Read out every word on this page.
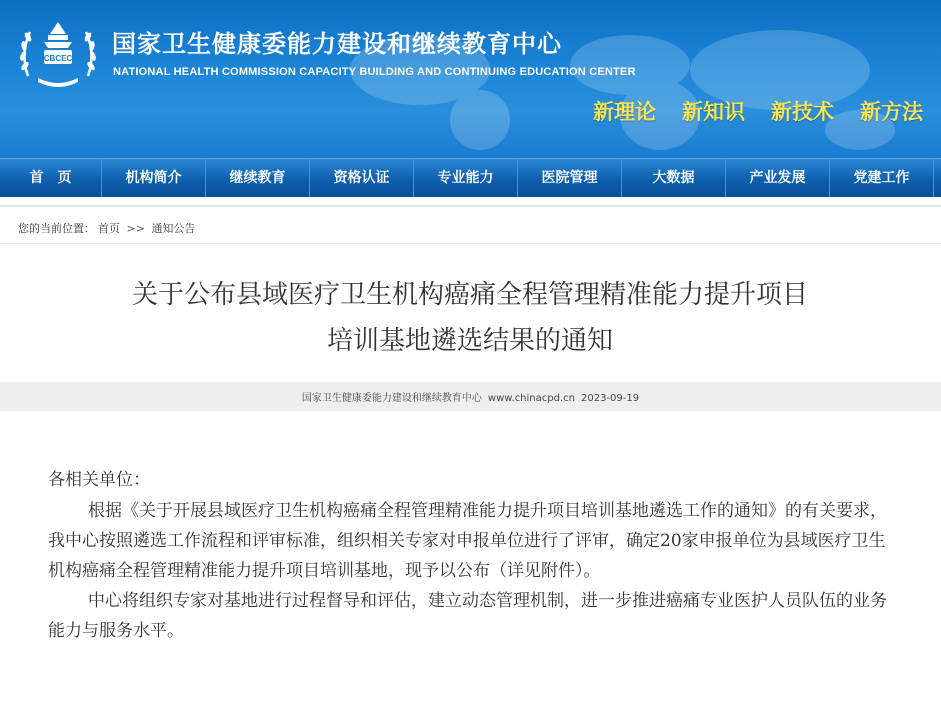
CBCEC
国家卫生健康委能力建设和继续教育中心
NATIONAL HEALTH COMMISSION CAPACITY BUILDING AND CONTINUING EDUCATION CENTER
新理论 新知识 新技术 新方法
首　页	机构简介	继续教育	资格认证	专业能力	医院管理	大数据	产业发展	党建工作
您的当前位置： 首页 >> 通知公告
关于公布县域医疗卫生机构癌痛全程管理精准能力提升项目
培训基地遴选结果的通知
国家卫生健康委能力建设和继续教育中心 www.chinacpd.cn 2023-09-19

各相关单位：

根据《关于开展县域医疗卫生机构癌痛全程管理精准能力提升项目培训基地遴选工作的通知》的有关要求，我中心按照遴选工作流程和评审标准，组织相关专家对申报单位进行了评审，确定20家申报单位为县域医疗卫生机构癌痛全程管理精准能力提升项目培训基地，现予以公布（详见附件）。

中心将组织专家对基地进行过程督导和评估，建立动态管理机制，进一步推进癌痛专业医护人员队伍的业务能力与服务水平。
